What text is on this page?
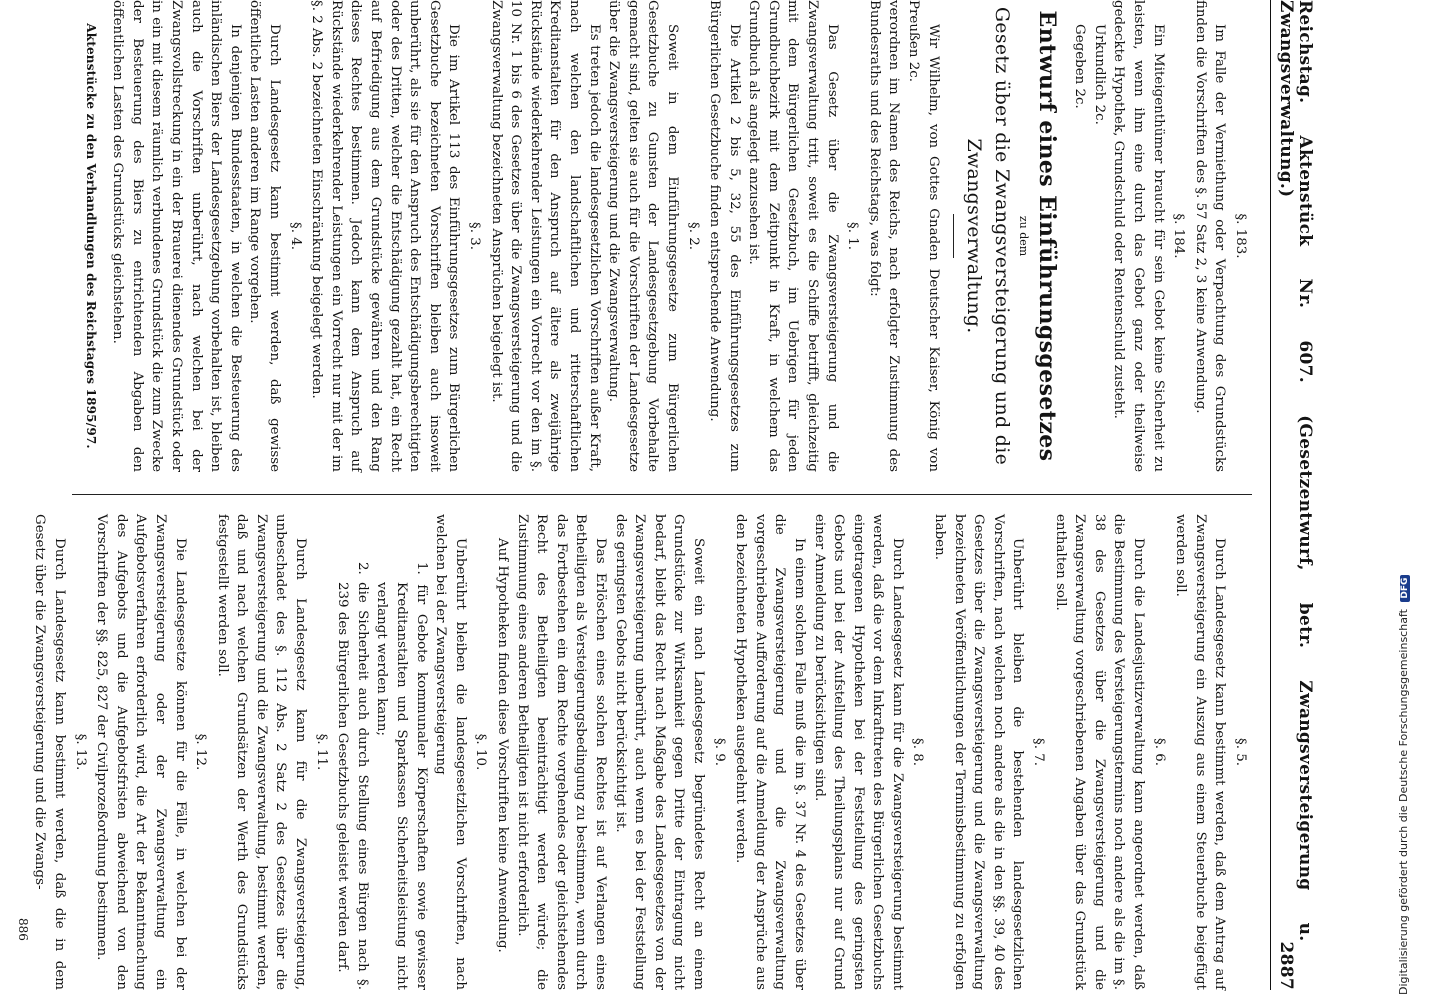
Reichstag. Aktenstück Nr. 607. (Gesetzentwurf, betr. Zwangsversteigerung u. Zwangsverwaltung.)
2887
§. 183.

Im Falle der Vermiethung oder Verpachtung des Grundstücks finden die Vorschriften des §. 57 Satz 2, 3 keine Anwendung.

§. 184.

Ein Miteigenthümer braucht für sein Gebot keine Sicherheit zu leisten, wenn ihm eine durch das Gebot ganz oder theilweise gedeckte Hypothek, Grundschuld oder Rentenschuld zusteht.

Urkundlich 2c.

Gegeben 2c.

Entwurf eines Einführungsgesetzes
zu dem
Gesetz über die Zwangsversteigerung und die Zwangsverwaltung.

Wir Wilhelm, von Gottes Gnaden Deutscher Kaiser, König von Preußen 2c.

verordnen im Namen des Reichs, nach erfolgter Zustimmung des Bundesraths und des Reichstags, was folgt:

§. 1.

Das Gesetz über die Zwangsversteigerung und die Zwangsverwaltung tritt, soweit es die Schiffe betrifft, gleichzeitig mit dem Bürgerlichen Gesetzbuch, im Uebrigen für jeden Grundbuchbezirk mit dem Zeitpunkt in Kraft, in welchem das Grundbuch als angelegt anzusehen ist.

Die Artikel 2 bis 5, 32, 55 des Einführungsgesetzes zum Bürgerlichen Gesetzbuche finden entsprechende Anwendung.

§. 2.

Soweit in dem Einführungsgesetze zum Bürgerlichen Gesetzbuche zu Gunsten der Landesgesetzgebung Vorbehalte gemacht sind, gelten sie auch für die Vorschriften der Landesgesetze über die Zwangsversteigerung und die Zwangsverwaltung.

Es treten jedoch die landesgesetzlichen Vorschriften außer Kraft, nach welchen den landschaftlichen und ritterschaftlichen Kreditanstalten für den Anspruch auf ältere als zweijährige Rückstände wiederkehrender Leistungen ein Vorrecht vor den im §. 10 Nr. 1 bis 6 des Gesetzes über die Zwangsversteigerung und die Zwangsverwaltung bezeichneten Ansprüchen beigelegt ist.

§. 3.

Die im Artikel 113 des Einführungsgesetzes zum Bürgerlichen Gesetzbuche bezeichneten Vorschriften bleiben auch insoweit unberührt, als sie für den Anspruch des Entschädigungsberechtigten oder des Dritten, welcher die Entschädigung gezahlt hat, ein Recht auf Befriedigung aus dem Grundstücke gewähren und den Rang dieses Rechtes bestimmen. Jedoch kann dem Anspruch auf Rückstände wiederkehrender Leistungen ein Vorrecht nur mit der im §. 2 Abs. 2 bezeichneten Einschränkung beigelegt werden.

§. 4.

Durch Landesgesetz kann bestimmt werden, daß gewisse öffentliche Lasten anderen im Range vorgehen.

In denjenigen Bundesstaaten, in welchen die Besteuerung des inländischen Biers der Landesgesetzgebung vorbehalten ist, bleiben auch die Vorschriften unberührt, nach welchen bei der Zwangsvollstreckung in ein der Brauerei dienendes Grundstück oder in ein mit diesem räumlich verbundenes Grundstück die zum Zwecke der Besteuerung des Biers zu entrichtenden Abgaben den öffentlichen Lasten des Grundstücks gleichstehen.

Aktenstücke zu den Verhandlungen des Reichstages 1895/97.
§. 5.

Durch Landesgesetz kann bestimmt werden, daß dem Antrag auf Zwangsversteigerung ein Auszug aus einem Steuerbuche beigefügt werden soll.

§. 6.

Durch die Landesjustizverwaltung kann angeordnet werden, daß die Bestimmung des Versteigerungstermins noch andere als die im §. 38 des Gesetzes über die Zwangsversteigerung und die Zwangsverwaltung vorgeschriebenen Angaben über das Grundstück enthalten soll.

§. 7.

Unberührt bleiben die bestehenden landesgesetzlichen Vorschriften, nach welchen noch andere als die in den §§. 39, 40 des Gesetzes über die Zwangsversteigerung und die Zwangsverwaltung bezeichneten Veröffentlichungen der Terminsbestimmung zu erfolgen haben.

§. 8.

Durch Landesgesetz kann für die Zwangsversteigerung bestimmt werden, daß die vor dem Inkrafttreten des Bürgerlichen Gesetzbuchs eingetragenen Hypotheken bei der Feststellung des geringsten Gebots und bei der Aufstellung des Theilungsplans nur auf Grund einer Anmeldung zu berücksichtigen sind.

In einem solchen Falle muß die im §. 37 Nr. 4 des Gesetzes über die Zwangsversteigerung und die Zwangsverwaltung vorgeschriebene Aufforderung auf die Anmeldung der Ansprüche aus den bezeichneten Hypotheken ausgedehnt werden.

§. 9.

Soweit ein nach Landesgesetz begründetes Recht an einem Grundstücke zur Wirksamkeit gegen Dritte der Eintragung nicht bedarf, bleibt das Recht nach Maßgabe des Landesgesetzes von der Zwangsversteigerung unberührt, auch wenn es bei der Feststellung des geringsten Gebots nicht berücksichtigt ist.

Das Erlöschen eines solchen Rechtes ist auf Verlangen eines Betheiligten als Versteigerungsbedingung zu bestimmen, wenn durch das Fortbestehen ein dem Rechte vorgehendes oder gleichstehendes Recht des Betheiligten beeinträchtigt werden würde; die Zustimmung eines anderen Betheiligten ist nicht erforderlich.

Auf Hypotheken finden diese Vorschriften keine Anwendung.

§. 10.

Unberührt bleiben die landesgesetzlichen Vorschriften, nach welchen bei der Zwangsversteigerung

1. für Gebote kommunaler Körperschaften sowie gewisser Kreditanstalten und Sparkassen Sicherheitsleistung nicht verlangt werden kann;

2. die Sicherheit auch durch Stellung eines Bürgen nach §. 239 des Bürgerlichen Gesetzbuchs geleistet werden darf.

§. 11.

Durch Landesgesetz kann für die Zwangsversteigerung, unbeschadet des §. 112 Abs. 2 Satz 2 des Gesetzes über die Zwangsversteigerung und die Zwangsverwaltung, bestimmt werden, daß und nach welchen Grundsätzen der Werth des Grundstücks festgestellt werden soll.

§. 12.

Die Landesgesetze können für die Fälle, in welchen bei der Zwangsversteigerung oder der Zwangsverwaltung ein Aufgebotsverfahren erforderlich wird, die Art der Bekanntmachung des Aufgebots und die Aufgebotsfristen abweichend von den Vorschriften der §§. 825, 827 der Civilprozeßordnung bestimmen.

§. 13.

Durch Landesgesetz kann bestimmt werden, daß die in dem Gesetz über die Zwangsversteigerung und die Zwangs-

886	Digitalisierung gefördert durch die Deutsche Forschungsgemeinschaft DFG
